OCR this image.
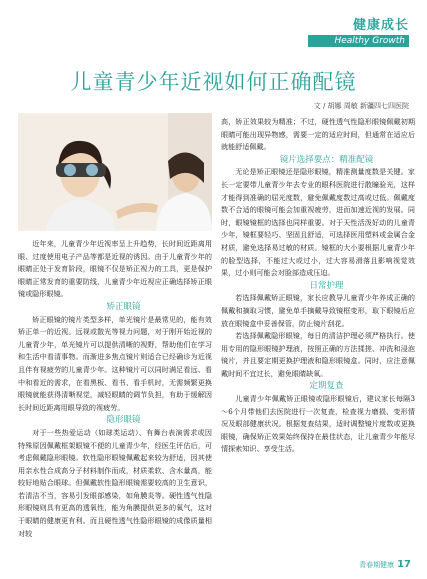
健康成长
Healthy Growth
儿童青少年近视如何正确配镜
文 / 胡娜 周敏 新疆四七四医院

近年来，儿童青少年近视率呈上升趋势，长时间近距离用眼、过度使用电子产品等都是近视的诱因。由于儿童青少年的眼睛正处于发育阶段，眼镜不仅是矫正视力的工具，更是保护眼睛正常发育的重要防线，儿童青少年近视应正确选择矫正眼镜或隐形眼镜。

矫正眼镜

矫正眼镜的镜片类型多样，单光镜片是最常见的，能有效矫正单一的近视。远视或散光等视力问题，对于刚开始近视的儿童青少年，单光镜片可以提供清晰的视野，帮助他们在学习和生活中看清事物。而渐进多焦点镜片则适合已经确诊为近视且伴有视疲劳的儿童青少年。这种镜片可以同时满足看远、看中和看近的需求，在看黑板、看书、看手机时，无需频繁更换眼镜就能获得清晰视觉，减轻眼睛的调节负担，有助于缓解因长时间近距离用眼导致的视疲劳。

隐形眼镜

对于一些热爱运动（如球类运动）、有舞台表演需求或因特殊原因佩戴框架眼镜不便的儿童青少年，经医生评估后，可考虑佩戴隐形眼镜。软性隐形眼镜佩戴起来较为舒适，因其使用亲水性合成高分子材料制作而成，材质柔软、含水量高，能较好地贴合眼球。但佩戴软性隐形眼镜需要较高的卫生意识，若清洁不当，容易引发眼部感染，如角膜炎等。硬性透气性隐形眼镜则具有更高的透氧性，能为角膜提供更多的氧气，这对于眼睛的健康更有利。而且硬性透气性隐形眼镜的成像质量相对较

高，矫正效果较为精准；不过，硬性透气性隐形眼镜佩戴初期眼睛可能出现异物感，需要一定的适应时间，但通常在适应后就能舒适佩戴。

镜片选择要点：精准配镜

无论是矫正眼镜还是隐形眼镜，精准测量度数是关键。家长一定要带儿童青少年去专业的眼科医院进行散瞳验光，这样才能得到准确的屈光度数，避免佩戴度数过高或过低。佩戴度数不合适的眼镜可能会加重视疲劳，进而加速近视的发展。同时，眼镜镜框的选择也同样重要。对于天性活泼好动的儿童青少年，镜框要轻巧、坚固且舒适，可选择医用塑料或金属合金材质，避免选择易过敏的材质。镜框的大小要根据儿童青少年的脸型选择，不能过大或过小，过大容易滑落且影响视觉效果，过小则可能会对脸部造成压迫。

日常护理

若选择佩戴矫正眼镜，家长应教导儿童青少年养成正确的佩戴和摘取习惯，避免单手摘戴导致镜框变形，取下眼镜后应放在眼镜盒中妥善保管，防止镜片刮花。

若选择佩戴隐形眼镜，每日的清洁护理必须严格执行。使用专用的隐形眼镜护理液，按照正确的方法揉搓、冲洗和浸泡镜片，并且要定期更换护理液和隐形眼镜盒。同时，应注意佩戴时间不宜过长，避免眼睛缺氧。

定期复查

儿童青少年佩戴矫正眼镜或隐形眼镜后，建议家长每隔3～6个月带他们去医院进行一次复查，检查视力磨损、变形情况及眼部健康状况。根据复查结果，适时调整镜片度数或更换眼镜，确保矫正效果始终保持在最佳状态，让儿童青少年能尽情探索知识、享受生活。

青春期健康 17
